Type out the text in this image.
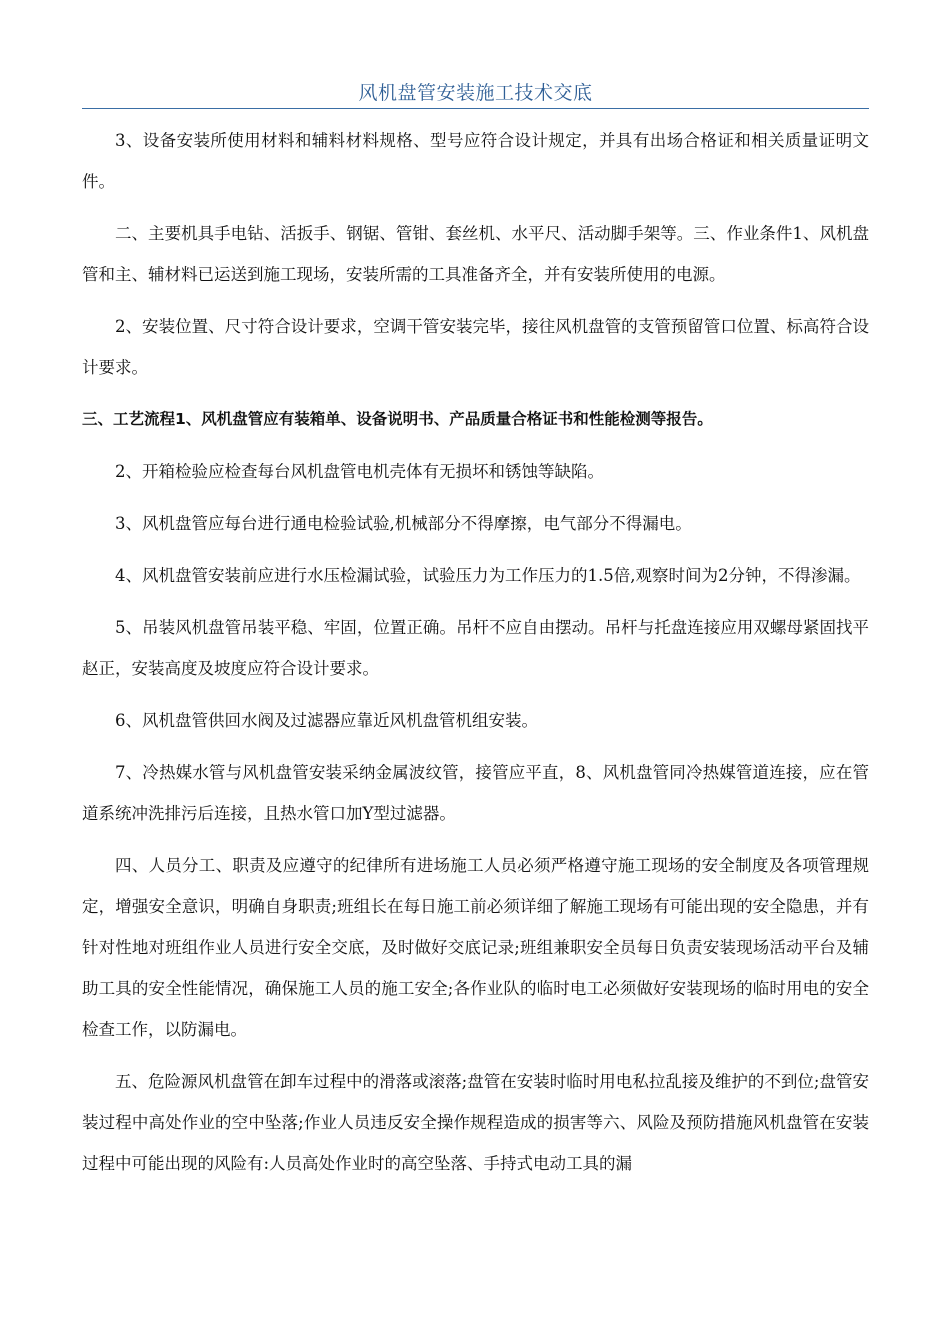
风机盘管安装施工技术交底

3、设备安装所使用材料和辅料材料规格、型号应符合设计规定，并具有出场合格证和相关质量证明文件。

二、主要机具手电钻、活扳手、钢锯、管钳、套丝机、水平尺、活动脚手架等。三、作业条件1、风机盘管和主、辅材料已运送到施工现场，安装所需的工具准备齐全，并有安装所使用的电源。

2、安装位置、尺寸符合设计要求，空调干管安装完毕，接往风机盘管的支管预留管口位置、标高符合设计要求。

三、工艺流程1、风机盘管应有装箱单、设备说明书、产品质量合格证书和性能检测等报告。

2、开箱检验应检查每台风机盘管电机壳体有无损坏和锈蚀等缺陷。

3、风机盘管应每台进行通电检验试验,机械部分不得摩擦，电气部分不得漏电。

4、风机盘管安装前应进行水压检漏试验，试验压力为工作压力的1.5倍,观察时间为2分钟，不得渗漏。

5、吊装风机盘管吊装平稳、牢固，位置正确。吊杆不应自由摆动。吊杆与托盘连接应用双螺母紧固找平赵正，安装高度及坡度应符合设计要求。

6、风机盘管供回水阀及过滤器应靠近风机盘管机组安装。

7、冷热媒水管与风机盘管安装采纳金属波纹管，接管应平直，8、风机盘管同冷热媒管道连接，应在管道系统冲洗排污后连接，且热水管口加Y型过滤器。

四、人员分工、职责及应遵守的纪律所有进场施工人员必须严格遵守施工现场的安全制度及各项管理规定，增强安全意识，明确自身职责;班组长在每日施工前必须详细了解施工现场有可能出现的安全隐患，并有针对性地对班组作业人员进行安全交底，及时做好交底记录;班组兼职安全员每日负责安装现场活动平台及辅助工具的安全性能情况，确保施工人员的施工安全;各作业队的临时电工必须做好安装现场的临时用电的安全检查工作，以防漏电。

五、危险源风机盘管在卸车过程中的滑落或滚落;盘管在安装时临时用电私拉乱接及维护的不到位;盘管安装过程中高处作业的空中坠落;作业人员违反安全操作规程造成的损害等六、风险及预防措施风机盘管在安装过程中可能出现的风险有:人员高处作业时的高空坠落、手持式电动工具的漏
